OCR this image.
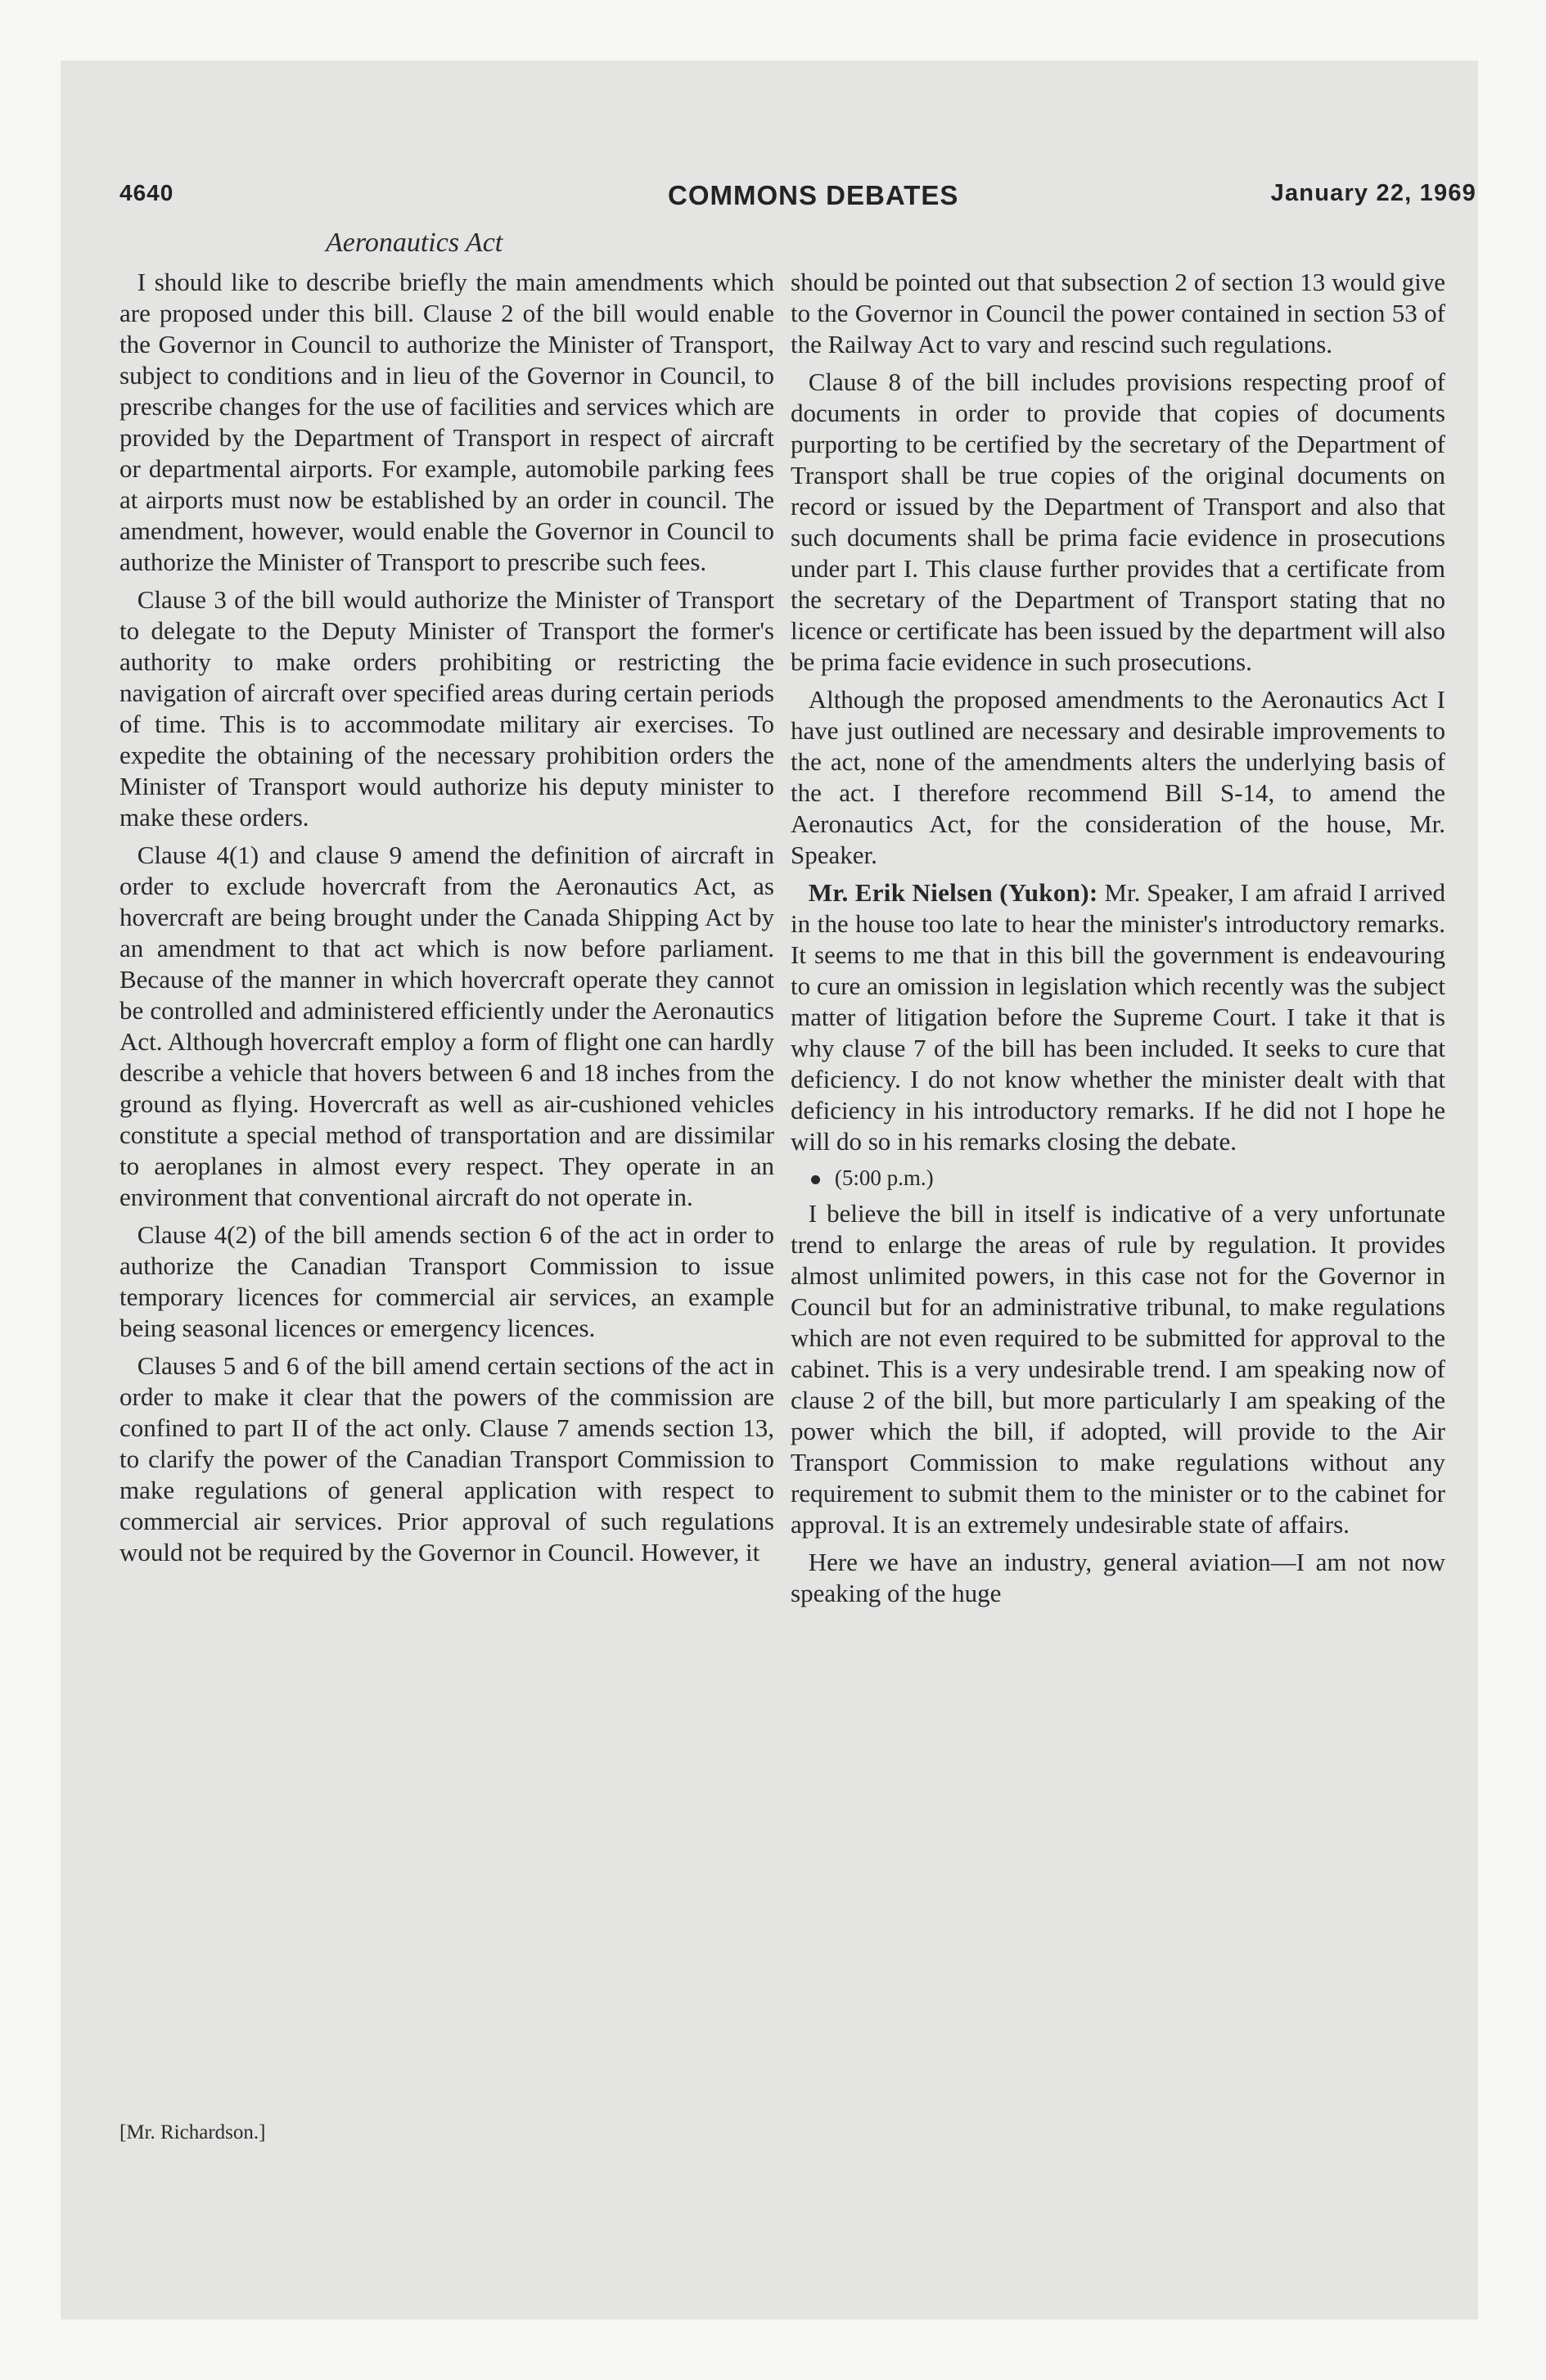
4640	COMMONS DEBATES	January 22, 1969
Aeronautics Act

I should like to describe briefly the main amendments which are proposed under this bill. Clause 2 of the bill would enable the Governor in Council to authorize the Minister of Transport, subject to conditions and in lieu of the Governor in Council, to prescribe changes for the use of facilities and services which are provided by the Department of Transport in respect of aircraft or departmental airports. For example, automobile parking fees at airports must now be established by an order in council. The amendment, however, would enable the Governor in Council to authorize the Minister of Transport to prescribe such fees.

Clause 3 of the bill would authorize the Minister of Transport to delegate to the Deputy Minister of Transport the former's authority to make orders prohibiting or restricting the navigation of aircraft over specified areas during certain periods of time. This is to accommodate military air exercises. To expedite the obtaining of the necessary prohibition orders the Minister of Transport would authorize his deputy minister to make these orders.

Clause 4(1) and clause 9 amend the definition of aircraft in order to exclude hovercraft from the Aeronautics Act, as hovercraft are being brought under the Canada Shipping Act by an amendment to that act which is now before parliament. Because of the manner in which hovercraft operate they cannot be controlled and administered efficiently under the Aeronautics Act. Although hovercraft employ a form of flight one can hardly describe a vehicle that hovers between 6 and 18 inches from the ground as flying. Hovercraft as well as air-cushioned vehicles constitute a special method of transportation and are dissimilar to aeroplanes in almost every respect. They operate in an environment that conventional aircraft do not operate in.

Clause 4(2) of the bill amends section 6 of the act in order to authorize the Canadian Transport Commission to issue temporary licences for commercial air services, an example being seasonal licences or emergency licences.

Clauses 5 and 6 of the bill amend certain sections of the act in order to make it clear that the powers of the commission are confined to part II of the act only. Clause 7 amends section 13, to clarify the power of the Canadian Transport Commission to make regulations of general application with respect to commercial air services. Prior approval of such regulations would not be required by the Governor in Council. However, it

should be pointed out that subsection 2 of section 13 would give to the Governor in Council the power contained in section 53 of the Railway Act to vary and rescind such regulations.

Clause 8 of the bill includes provisions respecting proof of documents in order to provide that copies of documents purporting to be certified by the secretary of the Department of Transport shall be true copies of the original documents on record or issued by the Department of Transport and also that such documents shall be prima facie evidence in prosecutions under part I. This clause further provides that a certificate from the secretary of the Department of Transport stating that no licence or certificate has been issued by the department will also be prima facie evidence in such prosecutions.

Although the proposed amendments to the Aeronautics Act I have just outlined are necessary and desirable improvements to the act, none of the amendments alters the underlying basis of the act. I therefore recommend Bill S-14, to amend the Aeronautics Act, for the consideration of the house, Mr. Speaker.

Mr. Erik Nielsen (Yukon): Mr. Speaker, I am afraid I arrived in the house too late to hear the minister's introductory remarks. It seems to me that in this bill the government is endeavouring to cure an omission in legislation which recently was the subject matter of litigation before the Supreme Court. I take it that is why clause 7 of the bill has been included. It seeks to cure that deficiency. I do not know whether the minister dealt with that deficiency in his introductory remarks. If he did not I hope he will do so in his remarks closing the debate.

(5:00 p.m.)

I believe the bill in itself is indicative of a very unfortunate trend to enlarge the areas of rule by regulation. It provides almost unlimited powers, in this case not for the Governor in Council but for an administrative tribunal, to make regulations which are not even required to be submitted for approval to the cabinet. This is a very undesirable trend. I am speaking now of clause 2 of the bill, but more particularly I am speaking of the power which the bill, if adopted, will provide to the Air Transport Commission to make regulations without any requirement to submit them to the minister or to the cabinet for approval. It is an extremely undesirable state of affairs.

Here we have an industry, general aviation—I am not now speaking of the huge

[Mr. Richardson.]
